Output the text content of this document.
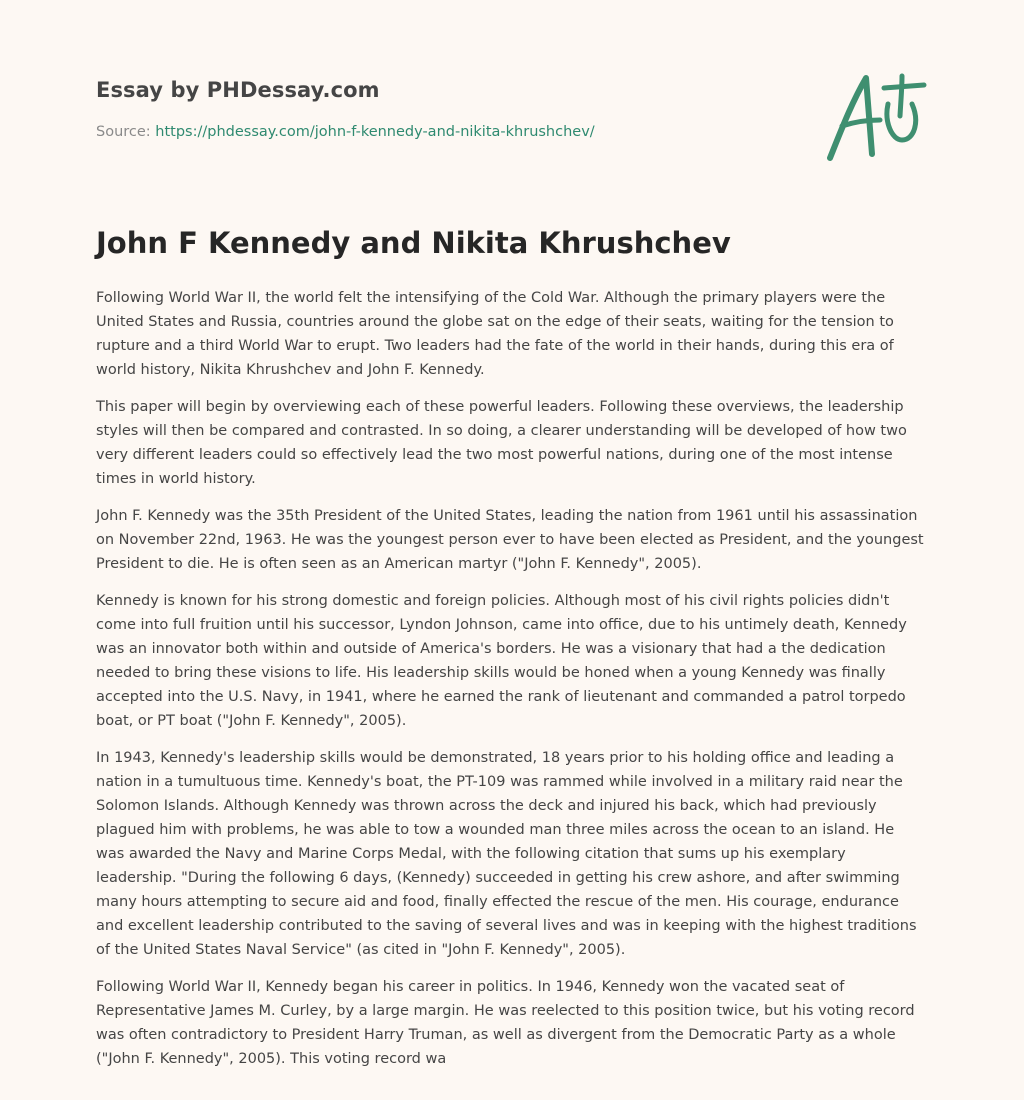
Essay by PHDessay.com
Source: https://phdessay.com/john-f-kennedy-and-nikita-khrushchev/
John F Kennedy and Nikita Khrushchev

Following World War II, the world felt the intensifying of the Cold War. Although the primary players were the United States and Russia, countries around the globe sat on the edge of their seats, waiting for the tension to rupture and a third World War to erupt. Two leaders had the fate of the world in their hands, during this era of world history, Nikita Khrushchev and John F. Kennedy.

This paper will begin by overviewing each of these powerful leaders. Following these overviews, the leadership styles will then be compared and contrasted. In so doing, a clearer understanding will be developed of how two very different leaders could so effectively lead the two most powerful nations, during one of the most intense times in world history.

John F. Kennedy was the 35th President of the United States, leading the nation from 1961 until his assassination on November 22nd, 1963. He was the youngest person ever to have been elected as President, and the youngest President to die. He is often seen as an American martyr ("John F. Kennedy", 2005).

Kennedy is known for his strong domestic and foreign policies. Although most of his civil rights policies didn't come into full fruition until his successor, Lyndon Johnson, came into office, due to his untimely death, Kennedy was an innovator both within and outside of America's borders. He was a visionary that had a the dedication needed to bring these visions to life. His leadership skills would be honed when a young Kennedy was finally accepted into the U.S. Navy, in 1941, where he earned the rank of lieutenant and commanded a patrol torpedo boat, or PT boat ("John F. Kennedy", 2005).

In 1943, Kennedy's leadership skills would be demonstrated, 18 years prior to his holding office and leading a nation in a tumultuous time. Kennedy's boat, the PT-109 was rammed while involved in a military raid near the Solomon Islands. Although Kennedy was thrown across the deck and injured his back, which had previously plagued him with problems, he was able to tow a wounded man three miles across the ocean to an island. He was awarded the Navy and Marine Corps Medal, with the following citation that sums up his exemplary leadership. "During the following 6 days, (Kennedy) succeeded in getting his crew ashore, and after swimming many hours attempting to secure aid and food, finally effected the rescue of the men. His courage, endurance and excellent leadership contributed to the saving of several lives and was in keeping with the highest traditions of the United States Naval Service" (as cited in "John F. Kennedy", 2005).

Following World War II, Kennedy began his career in politics. In 1946, Kennedy won the vacated seat of Representative James M. Curley, by a large margin. He was reelected to this position twice, but his voting record was often contradictory to President Harry Truman, as well as divergent from the Democratic Party as a whole ("John F. Kennedy", 2005). This voting record wa
